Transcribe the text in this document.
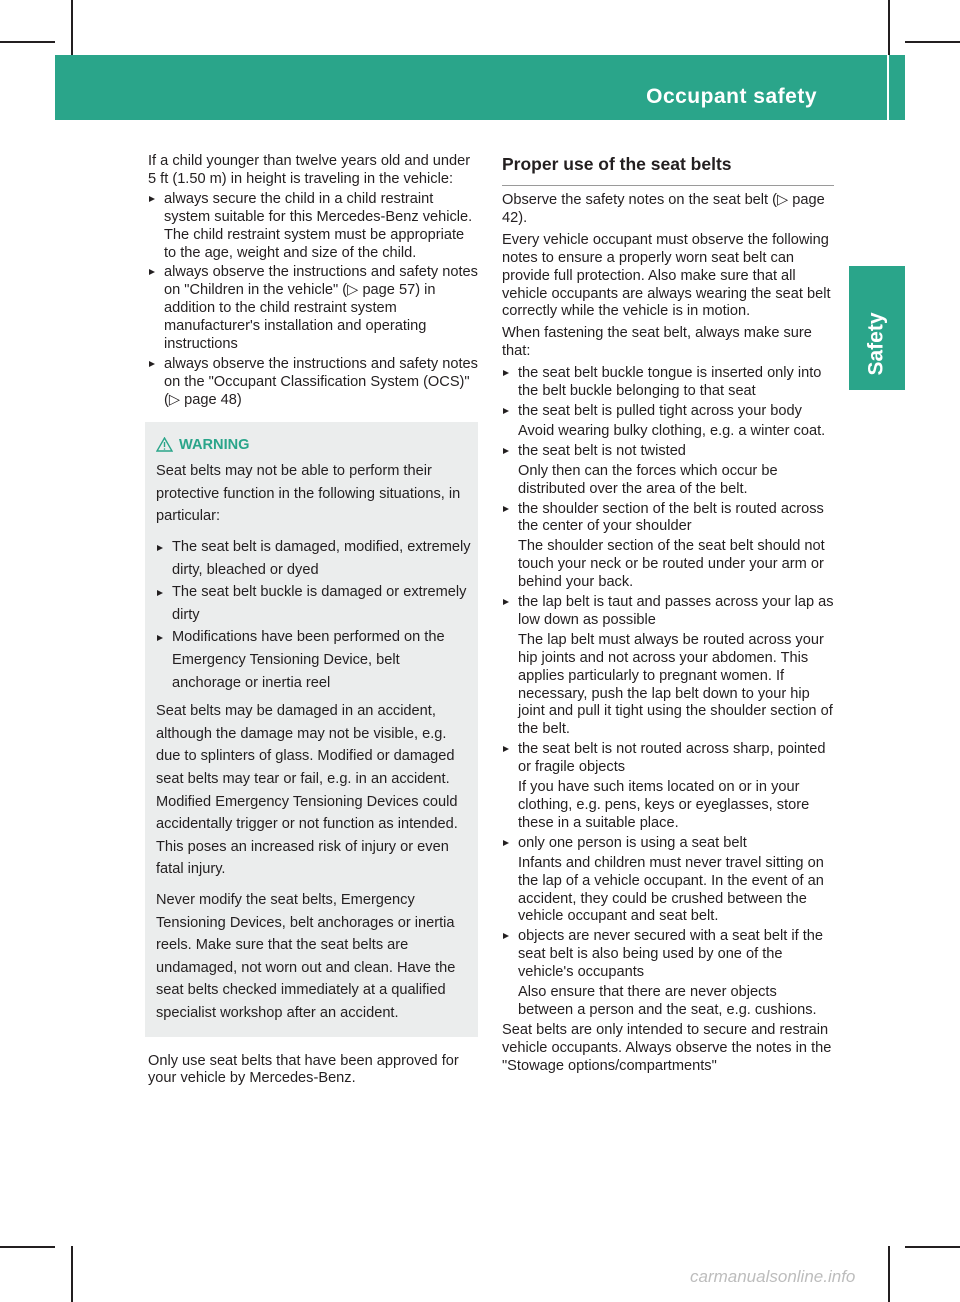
Occupant safety	43
Safety

If a child younger than twelve years old and under 5 ft (1.50 m) in height is traveling in the vehicle:

always secure the child in a child restraint system suitable for this Mercedes-Benz vehicle. The child restraint system must be appropriate to the age, weight and size of the child.
always observe the instructions and safety notes on "Children in the vehicle" (▷ page 57) in addition to the child restraint system manufacturer's installation and operating instructions
always observe the instructions and safety notes on the "Occupant Classification System (OCS)" (▷ page 48)
WARNING

Seat belts may not be able to perform their protective function in the following situations, in particular:

The seat belt is damaged, modified, extremely dirty, bleached or dyed
The seat belt buckle is damaged or extremely dirty
Modifications have been performed on the Emergency Tensioning Device, belt anchorage or inertia reel

Seat belts may be damaged in an accident, although the damage may not be visible, e.g. due to splinters of glass. Modified or damaged seat belts may tear or fail, e.g. in an accident. Modified Emergency Tensioning Devices could accidentally trigger or not function as intended. This poses an increased risk of injury or even fatal injury.

Never modify the seat belts, Emergency Tensioning Devices, belt anchorages or inertia reels. Make sure that the seat belts are undamaged, not worn out and clean. Have the seat belts checked immediately at a qualified specialist workshop after an accident.

Only use seat belts that have been approved for your vehicle by Mercedes-Benz.

Proper use of the seat belts

Observe the safety notes on the seat belt (▷ page 42).

Every vehicle occupant must observe the following notes to ensure a properly worn seat belt can provide full protection. Also make sure that all vehicle occupants are always wearing the seat belt correctly while the vehicle is in motion.

When fastening the seat belt, always make sure that:

the seat belt buckle tongue is inserted only into the belt buckle belonging to that seat
the seat belt is pulled tight across your body
Avoid wearing bulky clothing, e.g. a winter coat.
the seat belt is not twisted
Only then can the forces which occur be distributed over the area of the belt.
the shoulder section of the belt is routed across the center of your shoulder
The shoulder section of the seat belt should not touch your neck or be routed under your arm or behind your back.
the lap belt is taut and passes across your lap as low down as possible
The lap belt must always be routed across your hip joints and not across your abdomen. This applies particularly to pregnant women. If necessary, push the lap belt down to your hip joint and pull it tight using the shoulder section of the belt.
the seat belt is not routed across sharp, pointed or fragile objects
If you have such items located on or in your clothing, e.g. pens, keys or eyeglasses, store these in a suitable place.
only one person is using a seat belt
Infants and children must never travel sitting on the lap of a vehicle occupant. In the event of an accident, they could be crushed between the vehicle occupant and seat belt.
objects are never secured with a seat belt if the seat belt is also being used by one of the vehicle's occupants
Also ensure that there are never objects between a person and the seat, e.g. cushions.

Seat belts are only intended to secure and restrain vehicle occupants. Always observe the notes in the "Stowage options/compartments"

carmanualsonline.info
